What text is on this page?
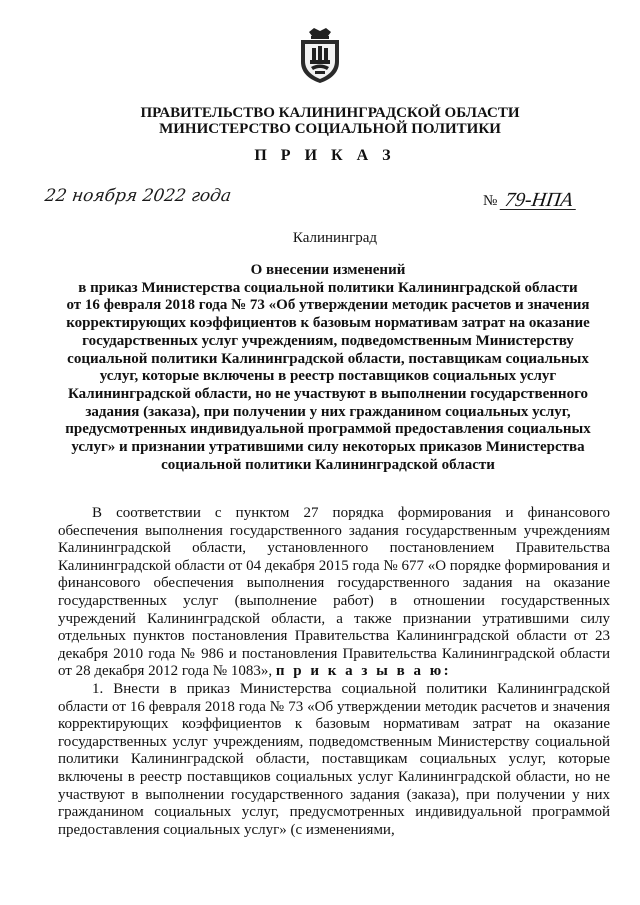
ПРАВИТЕЛЬСТВО КАЛИНИНГРАДСКОЙ ОБЛАСТИ
МИНИСТЕРСТВО СОЦИАЛЬНОЙ ПОЛИТИКИ
П Р И К А З
22 ноября 2022 года	№ 79-НПА
Калининград
О внесении изменений
в приказ Министерства социальной политики Калининградской области
от 16 февраля 2018 года № 73 «Об утверждении методик расчетов и значения
корректирующих коэффициентов к базовым нормативам затрат на оказание
государственных услуг учреждениям, подведомственным Министерству
социальной политики Калининградской области, поставщикам социальных
услуг, которые включены в реестр поставщиков социальных услуг
Калининградской области, но не участвуют в выполнении государственного
задания (заказа), при получении у них гражданином социальных услуг,
предусмотренных индивидуальной программой предоставления социальных
услуг» и признании утратившими силу некоторых приказов Министерства
социальной политики Калининградской области

В соответствии с пунктом 27 порядка формирования и финансового обеспечения выполнения государственного задания государственным учреждениям Калининградской области, установленного постановлением Правительства Калининградской области от 04 декабря 2015 года № 677 «О порядке формирования и финансового обеспечения выполнения государственного задания на оказание государственных услуг (выполнение работ) в отношении государственных учреждений Калининградской области, а также признании утратившими силу отдельных пунктов постановления Правительства Калининградской области от 23 декабря 2010 года № 986 и постановления Правительства Калининградской области от 28 декабря 2012 года № 1083», п р и к а з ы в а ю:

1. Внести в приказ Министерства социальной политики Калининградской области от 16 февраля 2018 года № 73 «Об утверждении методик расчетов и значения корректирующих коэффициентов к базовым нормативам затрат на оказание государственных услуг учреждениям, подведомственным Министерству социальной политики Калининградской области, поставщикам социальных услуг, которые включены в реестр поставщиков социальных услуг Калининградской области, но не участвуют в выполнении государственного задания (заказа), при получении у них гражданином социальных услуг, предусмотренных индивидуальной программой предоставления социальных услуг» (с изменениями,
